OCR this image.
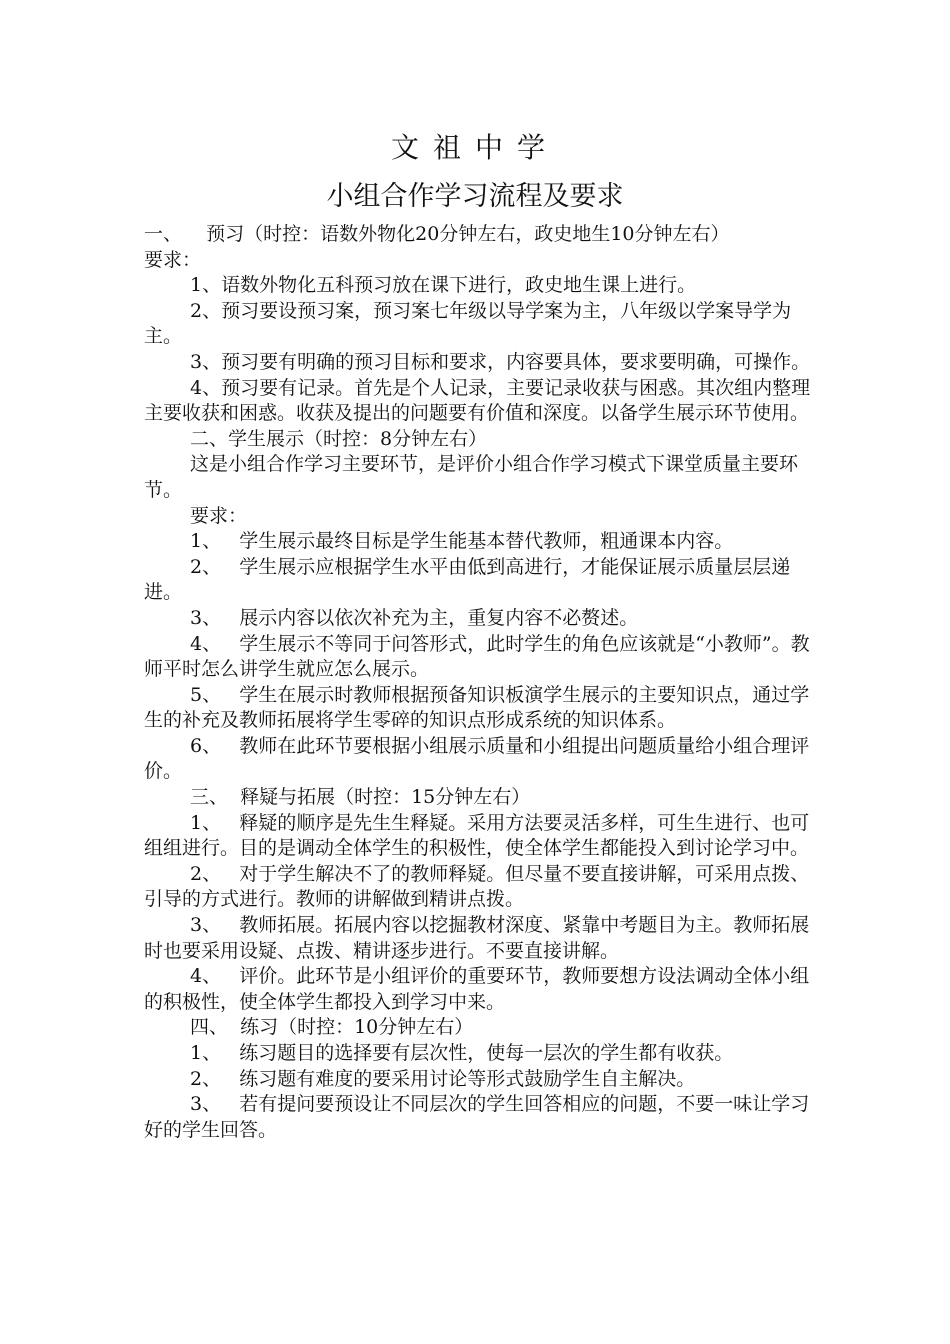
文祖中学
小组合作学习流程及要求

一、    预习（时控：语数外物化20分钟左右，政史地生10分钟左右）

要求：

1、语数外物化五科预习放在课下进行，政史地生课上进行。

2、预习要设预习案，预习案七年级以导学案为主，八年级以学案导学为主。

3、预习要有明确的预习目标和要求，内容要具体，要求要明确，可操作。

4、预习要有记录。首先是个人记录，主要记录收获与困惑。其次组内整理主要收获和困惑。收获及提出的问题要有价值和深度。以备学生展示环节使用。

二、学生展示（时控：8分钟左右）

这是小组合作学习主要环节，是评价小组合作学习模式下课堂质量主要环节。

要求：

1、   学生展示最终目标是学生能基本替代教师，粗通课本内容。

2、   学生展示应根据学生水平由低到高进行，才能保证展示质量层层递进。

3、   展示内容以依次补充为主，重复内容不必赘述。

4、   学生展示不等同于问答形式，此时学生的角色应该就是“小教师”。教师平时怎么讲学生就应怎么展示。

5、   学生在展示时教师根据预备知识板演学生展示的主要知识点，通过学生的补充及教师拓展将学生零碎的知识点形成系统的知识体系。

6、   教师在此环节要根据小组展示质量和小组提出问题质量给小组合理评价。

三、  释疑与拓展（时控：15分钟左右）

1、   释疑的顺序是先生生释疑。采用方法要灵活多样，可生生进行、也可组组进行。目的是调动全体学生的积极性，使全体学生都能投入到讨论学习中。

2、   对于学生解决不了的教师释疑。但尽量不要直接讲解，可采用点拨、引导的方式进行。教师的讲解做到精讲点拨。

3、   教师拓展。拓展内容以挖掘教材深度、紧靠中考题目为主。教师拓展时也要采用设疑、点拨、精讲逐步进行。不要直接讲解。

4、   评价。此环节是小组评价的重要环节，教师要想方设法调动全体小组的积极性，使全体学生都投入到学习中来。

四、  练习（时控：10分钟左右）

1、   练习题目的选择要有层次性，使每一层次的学生都有收获。

2、   练习题有难度的要采用讨论等形式鼓励学生自主解决。

3、   若有提问要预设让不同层次的学生回答相应的问题，不要一味让学习好的学生回答。
